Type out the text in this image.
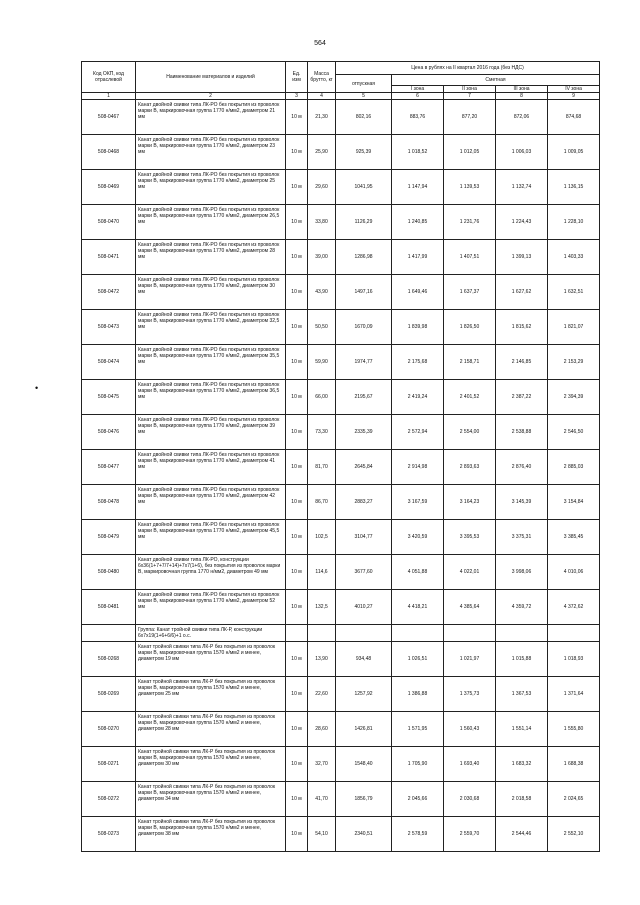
564
•
Код ОКП, код отраслевой	Наименование материалов и изделий	Ед. изм	Масса брутто, кг	Цена в рублях на II квартал 2016 года (без НДС)				
				отпускная	Сметная			
					I зона	II зона	III зона	IV зона
1	2	3	4	5	6	7	8	9
508-0467	Канат двойной свивки типа ЛК-РО без покрытия из проволок марки В, маркировочная группа 1770 н/мм2, диаметром 21 мм	10 м	21,30	802,16	883,76	877,20	872,06	874,68
508-0468	Канат двойной свивки типа ЛК-РО без покрытия из проволок марки В, маркировочная группа 1770 н/мм2, диаметром 23 мм	10 м	25,90	925,39	1 018,52	1 012,05	1 006,03	1 009,05
508-0469	Канат двойной свивки типа ЛК-РО без покрытия из проволок марки В, маркировочная группа 1770 н/мм2, диаметром 25 мм	10 м	29,60	1041,95	1 147,94	1 139,53	1 132,74	1 136,15
508-0470	Канат двойной свивки типа ЛК-РО без покрытия из проволок марки В, маркировочная группа 1770 н/мм2, диаметром 26,5 мм	10 м	33,80	1126,29	1 240,85	1 231,76	1 224,43	1 228,10
508-0471	Канат двойной свивки типа ЛК-РО без покрытия из проволок марки В, маркировочная группа 1770 н/мм2, диаметром 28 мм	10 м	39,00	1286,98	1 417,99	1 407,51	1 399,13	1 403,33
508-0472	Канат двойной свивки типа ЛК-РО без покрытия из проволок марки В, маркировочная группа 1770 н/мм2, диаметром 30 мм	10 м	43,90	1497,16	1 649,46	1 637,37	1 627,62	1 632,51
508-0473	Канат двойной свивки типа ЛК-РО без покрытия из проволок марки В, маркировочная группа 1770 н/мм2, диаметром 32,5 мм	10 м	50,50	1670,09	1 839,98	1 826,50	1 815,62	1 821,07
508-0474	Канат двойной свивки типа ЛК-РО без покрытия из проволок марки В, маркировочная группа 1770 н/мм2, диаметром 35,5 мм	10 м	59,90	1974,77	2 175,68	2 158,71	2 146,85	2 153,29
508-0475	Канат двойной свивки типа ЛК-РО без покрытия из проволок марки В, маркировочная группа 1770 н/мм2, диаметром 36,5 мм	10 м	66,00	2195,67	2 419,24	2 401,52	2 387,22	2 394,39
508-0476	Канат двойной свивки типа ЛК-РО без покрытия из проволок марки В, маркировочная группа 1770 н/мм2, диаметром 39 мм	10 м	73,30	2335,39	2 572,94	2 554,00	2 538,88	2 546,50
508-0477	Канат двойной свивки типа ЛК-РО без покрытия из проволок марки В, маркировочная группа 1770 н/мм2, диаметром 41 мм	10 м	81,70	2645,84	2 914,98	2 893,63	2 876,40	2 885,03
508-0478	Канат двойной свивки типа ЛК-РО без покрытия из проволок марки В, маркировочная группа 1770 н/мм2, диаметром 42 мм	10 м	86,70	2883,27	3 167,59	3 164,23	3 145,39	3 154,84
508-0479	Канат двойной свивки типа ЛК-РО без покрытия из проволок марки В, маркировочная группа 1770 н/мм2, диаметром 45,5 мм	10 м	102,5	3104,77	3 420,59	3 395,53	3 375,31	3 385,45
508-0480	Канат двойной свивки типа ЛК-РО, конструкции 6х36(1+7+7/7+14)+7х7(1+6), без покрытия из проволок марки В, маркировочная группа 1770 н/мм2, диаметром 49 мм	10 м	114,6	3677,60	4 051,88	4 022,01	3 998,06	4 010,06
508-0481	Канат двойной свивки типа ЛК-РО без покрытия из проволок марки В, маркировочная группа 1770 н/мм2, диаметром 52 мм	10 м	132,5	4010,27	4 418,21	4 385,64	4 359,72	4 372,62
	Группа: Канат тройной свивки типа ЛК-Р, конструкции 6х7х19(1+6+6/6)+1 о.с.							
508-0268	Канат тройной свивки типа ЛК-Р без покрытия из проволок марки В, маркировочная группа 1570 н/мм2 и менее, диаметром 19 мм	10 м	13,90	934,48	1 026,51	1 021,97	1 015,88	1 018,93
508-0269	Канат тройной свивки типа ЛК-Р без покрытия из проволок марки В, маркировочная группа 1570 н/мм2 и менее, диаметром 25 мм	10 м	22,60	1257,92	1 386,88	1 375,73	1 367,53	1 371,64
508-0270	Канат тройной свивки типа ЛК-Р без покрытия из проволок марки В, маркировочная группа 1570 н/мм2 и менее, диаметром 28 мм	10 м	28,60	1426,81	1 571,95	1 560,43	1 551,14	1 555,80
508-0271	Канат тройной свивки типа ЛК-Р без покрытия из проволок марки В, маркировочная группа 1570 н/мм2 и менее, диаметром 30 мм	10 м	32,70	1548,40	1 705,90	1 693,40	1 683,32	1 688,38
508-0272	Канат тройной свивки типа ЛК-Р без покрытия из проволок марки В, маркировочная группа 1570 н/мм2 и менее, диаметром 34 мм	10 м	41,70	1856,79	2 045,66	2 030,68	2 018,58	2 024,65
508-0273	Канат тройной свивки типа ЛК-Р без покрытия из проволок марки В, маркировочная группа 1570 н/мм2 и менее, диаметром 38 мм	10 м	54,10	2340,51	2 578,59	2 559,70	2 544,46	2 552,10
